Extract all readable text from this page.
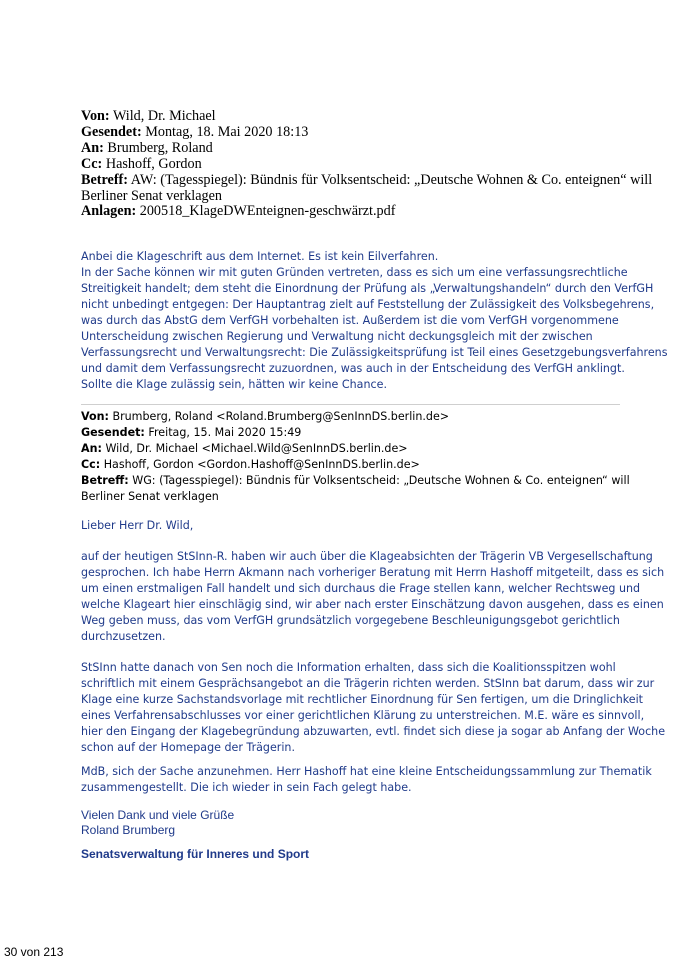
Von: Wild, Dr. Michael
Gesendet: Montag, 18. Mai 2020 18:13
An: Brumberg, Roland
Cc: Hashoff, Gordon
Betreff: AW: (Tagesspiegel): Bündnis für Volksentscheid: „Deutsche Wohnen & Co. enteignen“ will Berliner Senat verklagen
Anlagen: 200518_KlageDWEnteignen-geschwärzt.pdf
Anbei die Klageschrift aus dem Internet. Es ist kein Eilverfahren.
In der Sache können wir mit guten Gründen vertreten, dass es sich um eine verfassungsrechtliche
Streitigkeit handelt; dem steht die Einordnung der Prüfung als „Verwaltungshandeln“ durch den VerfGH
nicht unbedingt entgegen: Der Hauptantrag zielt auf Feststellung der Zulässigkeit des Volksbegehrens,
was durch das AbstG dem VerfGH vorbehalten ist. Außerdem ist die vom VerfGH vorgenommene
Unterscheidung zwischen Regierung und Verwaltung nicht deckungsgleich mit der zwischen
Verfassungsrecht und Verwaltungsrecht: Die Zulässigkeitsprüfung ist Teil eines Gesetzgebungsverfahrens
und damit dem Verfassungsrecht zuzuordnen, was auch in der Entscheidung des VerfGH anklingt.
Sollte die Klage zulässig sein, hätten wir keine Chance.
Von: Brumberg, Roland <Roland.Brumberg@SenInnDS.berlin.de>
Gesendet: Freitag, 15. Mai 2020 15:49
An: Wild, Dr. Michael <Michael.Wild@SenInnDS.berlin.de>
Cc: Hashoff, Gordon <Gordon.Hashoff@SenInnDS.berlin.de>
Betreff: WG: (Tagesspiegel): Bündnis für Volksentscheid: „Deutsche Wohnen & Co. enteignen“ will
Berliner Senat verklagen
Lieber Herr Dr. Wild,
auf der heutigen StSInn-R. haben wir auch über die Klageabsichten der Trägerin VB Vergesellschaftung
gesprochen. Ich habe Herrn Akmann nach vorheriger Beratung mit Herrn Hashoff mitgeteilt, dass es sich
um einen erstmaligen Fall handelt und sich durchaus die Frage stellen kann, welcher Rechtsweg und
welche Klageart hier einschlägig sind, wir aber nach erster Einschätzung davon ausgehen, dass es einen
Weg geben muss, das vom VerfGH grundsätzlich vorgegebene Beschleunigungsgebot gerichtlich
durchzusetzen.
StSInn hatte danach von Sen noch die Information erhalten, dass sich die Koalitionsspitzen wohl
schriftlich mit einem Gesprächsangebot an die Trägerin richten werden. StSInn bat darum, dass wir zur
Klage eine kurze Sachstandsvorlage mit rechtlicher Einordnung für Sen fertigen, um die Dringlichkeit
eines Verfahrensabschlusses vor einer gerichtlichen Klärung zu unterstreichen. M.E. wäre es sinnvoll,
hier den Eingang der Klagebegründung abzuwarten, evtl. findet sich diese ja sogar ab Anfang der Woche
schon auf der Homepage der Trägerin.
MdB, sich der Sache anzunehmen. Herr Hashoff hat eine kleine Entscheidungssammlung zur Thematik
zusammengestellt. Die ich wieder in sein Fach gelegt habe.
Vielen Dank und viele Grüße
Roland Brumberg
Senatsverwaltung für Inneres und Sport
30 von 213
